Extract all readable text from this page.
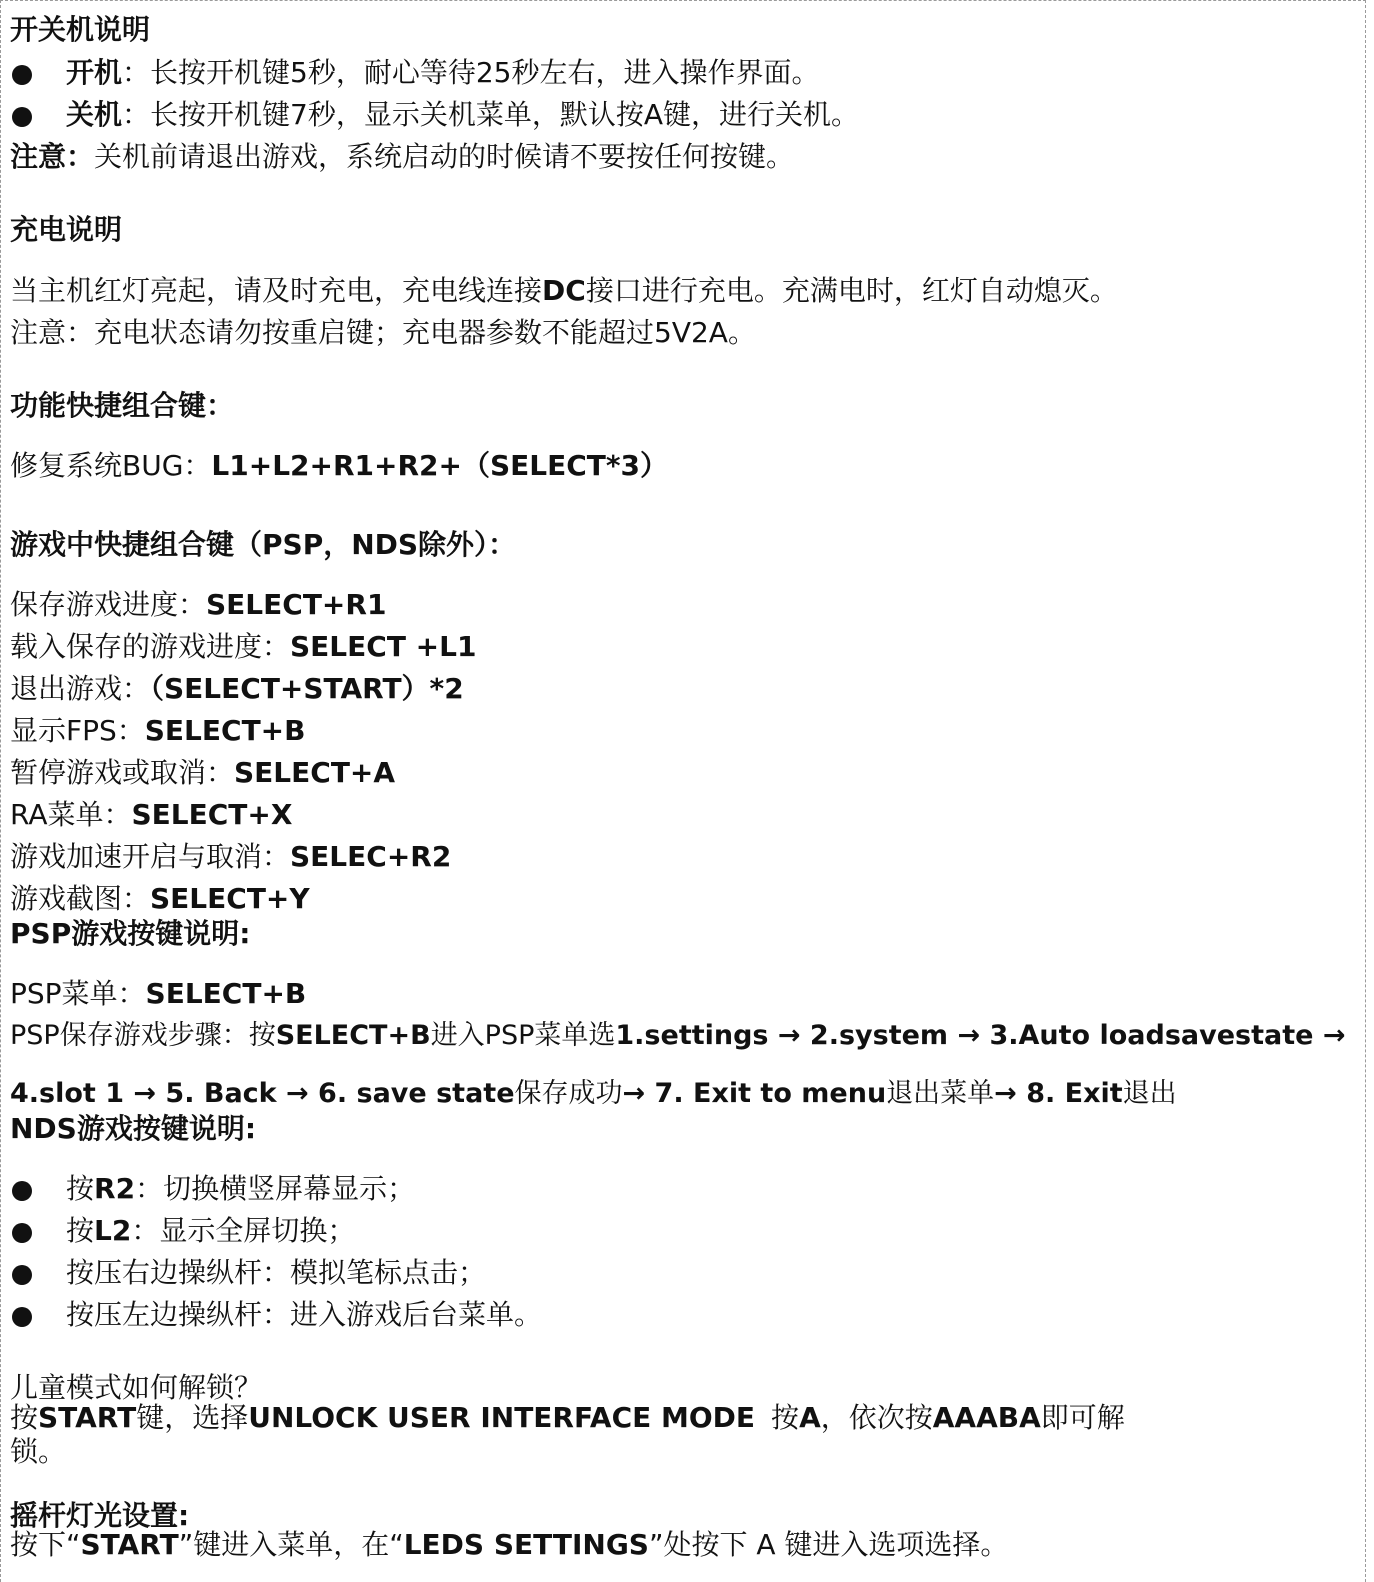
开关机说明
开机：长按开机键5秒，耐心等待25秒左右，进入操作界面。
关机：长按开机键7秒，显示关机菜单，默认按A键，进行关机。
注意：关机前请退出游戏，系统启动的时候请不要按任何按键。
充电说明
当主机红灯亮起，请及时充电，充电线连接DC接口进行充电。充满电时，红灯自动熄灭。
注意：充电状态请勿按重启键；充电器参数不能超过5V2A。
功能快捷组合键：
修复系统BUG：L1+L2+R1+R2+（SELECT*3）
游戏中快捷组合键（PSP，NDS除外）：
保存游戏进度：SELECT+R1
载入保存的游戏进度：SELECT +L1
退出游戏：（SELECT+START）*2
显示FPS：SELECT+B
暂停游戏或取消：SELECT+A
RA菜单：SELECT+X
游戏加速开启与取消：SELEC+R2
游戏截图：SELECT+Y
PSP游戏按键说明:
PSP菜单：SELECT+B
PSP保存游戏步骤：按SELECT+B进入PSP菜单选1.settings → 2.system → 3.Auto loadsavestate →
4.slot 1 → 5. Back → 6. save state保存成功→ 7. Exit to menu退出菜单→ 8. Exit退出
NDS游戏按键说明:
按R2：切换横竖屏幕显示；
按L2：显示全屏切换；
按压右边操纵杆：模拟笔标点击；
按压左边操纵杆：进入游戏后台菜单。
儿童模式如何解锁？
按START键，选择UNLOCK USER INTERFACE MODE 按A，依次按AAABA即可解
锁。
摇杆灯光设置:
按下“START”键进入菜单，在“LEDS SETTINGS”处按下 A 键进入选项选择。
